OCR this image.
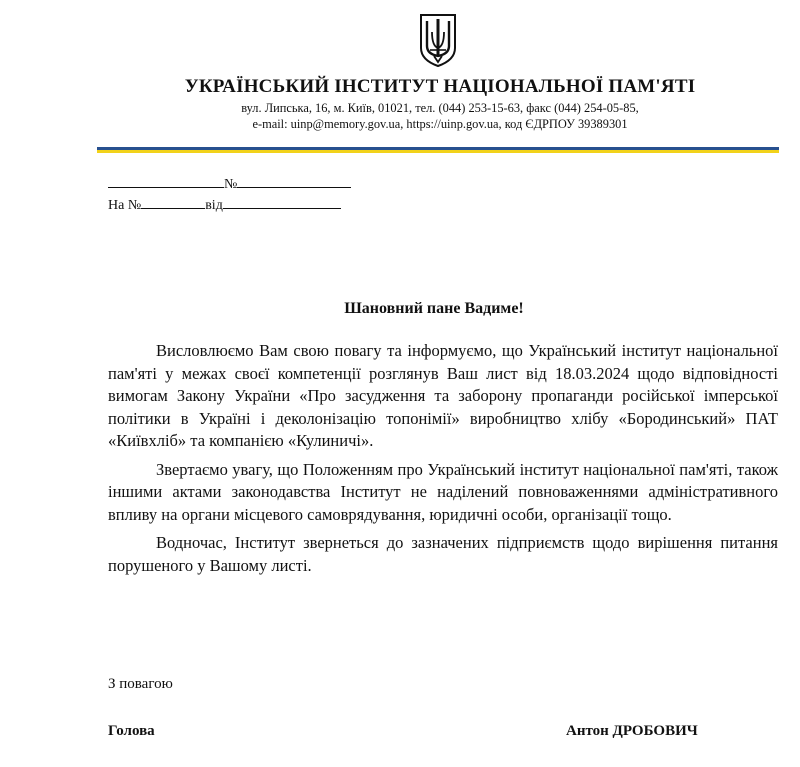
УКРАЇНСЬКИЙ ІНСТИТУТ НАЦІОНАЛЬНОЇ ПАМ'ЯТІ
вул. Липська, 16, м. Київ, 01021, тел. (044) 253-15-63, факс (044) 254-05-85,
e-mail: uinp@memory.gov.ua, https://uinp.gov.ua, код ЄДРПОУ 39389301
№
На №	від
Шановний пане Вадиме!

Висловлюємо Вам свою повагу та інформуємо, що Український інститут національної пам'яті у межах своєї компетенції розглянув Ваш лист від 18.03.2024 щодо відповідності вимогам Закону України «Про засудження та заборону пропаганди російської імперської політики в Україні і деколонізацію топонімії» виробництво хлібу «Бородинський» ПАТ «Київхліб» та компанією «Кулиничі».

Звертаємо увагу, що Положенням про Український інститут національної пам'яті, також іншими актами законодавства Інститут не наділений повноваженнями адміністративного впливу на органи місцевого самоврядування, юридичні особи, організації тощо.

Водночас, Інститут звернеться до зазначених підприємств щодо вирішення питання порушеного у Вашому листі.

З повагою
Голова	Антон ДРОБОВИЧ
